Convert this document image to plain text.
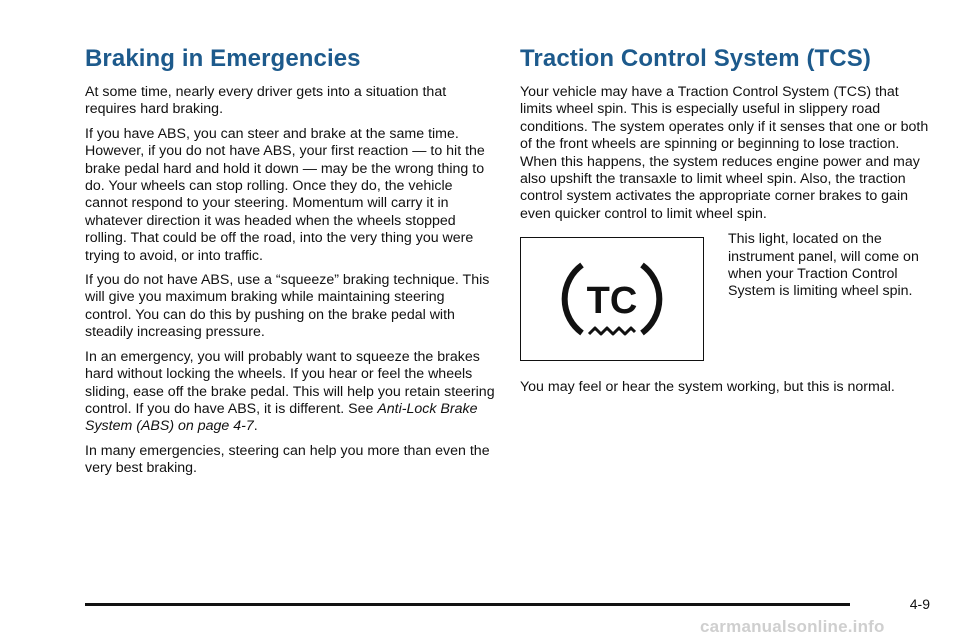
Braking in Emergencies

At some time, nearly every driver gets into a situation that requires hard braking.

If you have ABS, you can steer and brake at the same time. However, if you do not have ABS, your first reaction — to hit the brake pedal hard and hold it down — may be the wrong thing to do. Your wheels can stop rolling. Once they do, the vehicle cannot respond to your steering. Momentum will carry it in whatever direction it was headed when the wheels stopped rolling. That could be off the road, into the very thing you were trying to avoid, or into traffic.

If you do not have ABS, use a “squeeze” braking technique. This will give you maximum braking while maintaining steering control. You can do this by pushing on the brake pedal with steadily increasing pressure.

In an emergency, you will probably want to squeeze the brakes hard without locking the wheels. If you hear or feel the wheels sliding, ease off the brake pedal. This will help you retain steering control. If you do have ABS, it is different. See Anti-Lock Brake System (ABS) on page 4-7.

In many emergencies, steering can help you more than even the very best braking.

Traction Control System (TCS)

Your vehicle may have a Traction Control System (TCS) that limits wheel spin. This is especially useful in slippery road conditions. The system operates only if it senses that one or both of the front wheels are spinning or beginning to lose traction. When this happens, the system reduces engine power and may also upshift the transaxle to limit wheel spin. Also, the traction control system activates the appropriate corner brakes to gain even quicker control to limit wheel spin.

TC

This light, located on the instrument panel, will come on when your Traction Control System is limiting wheel spin.

You may feel or hear the system working, but this is normal.

4-9
carmanualsonline.info
